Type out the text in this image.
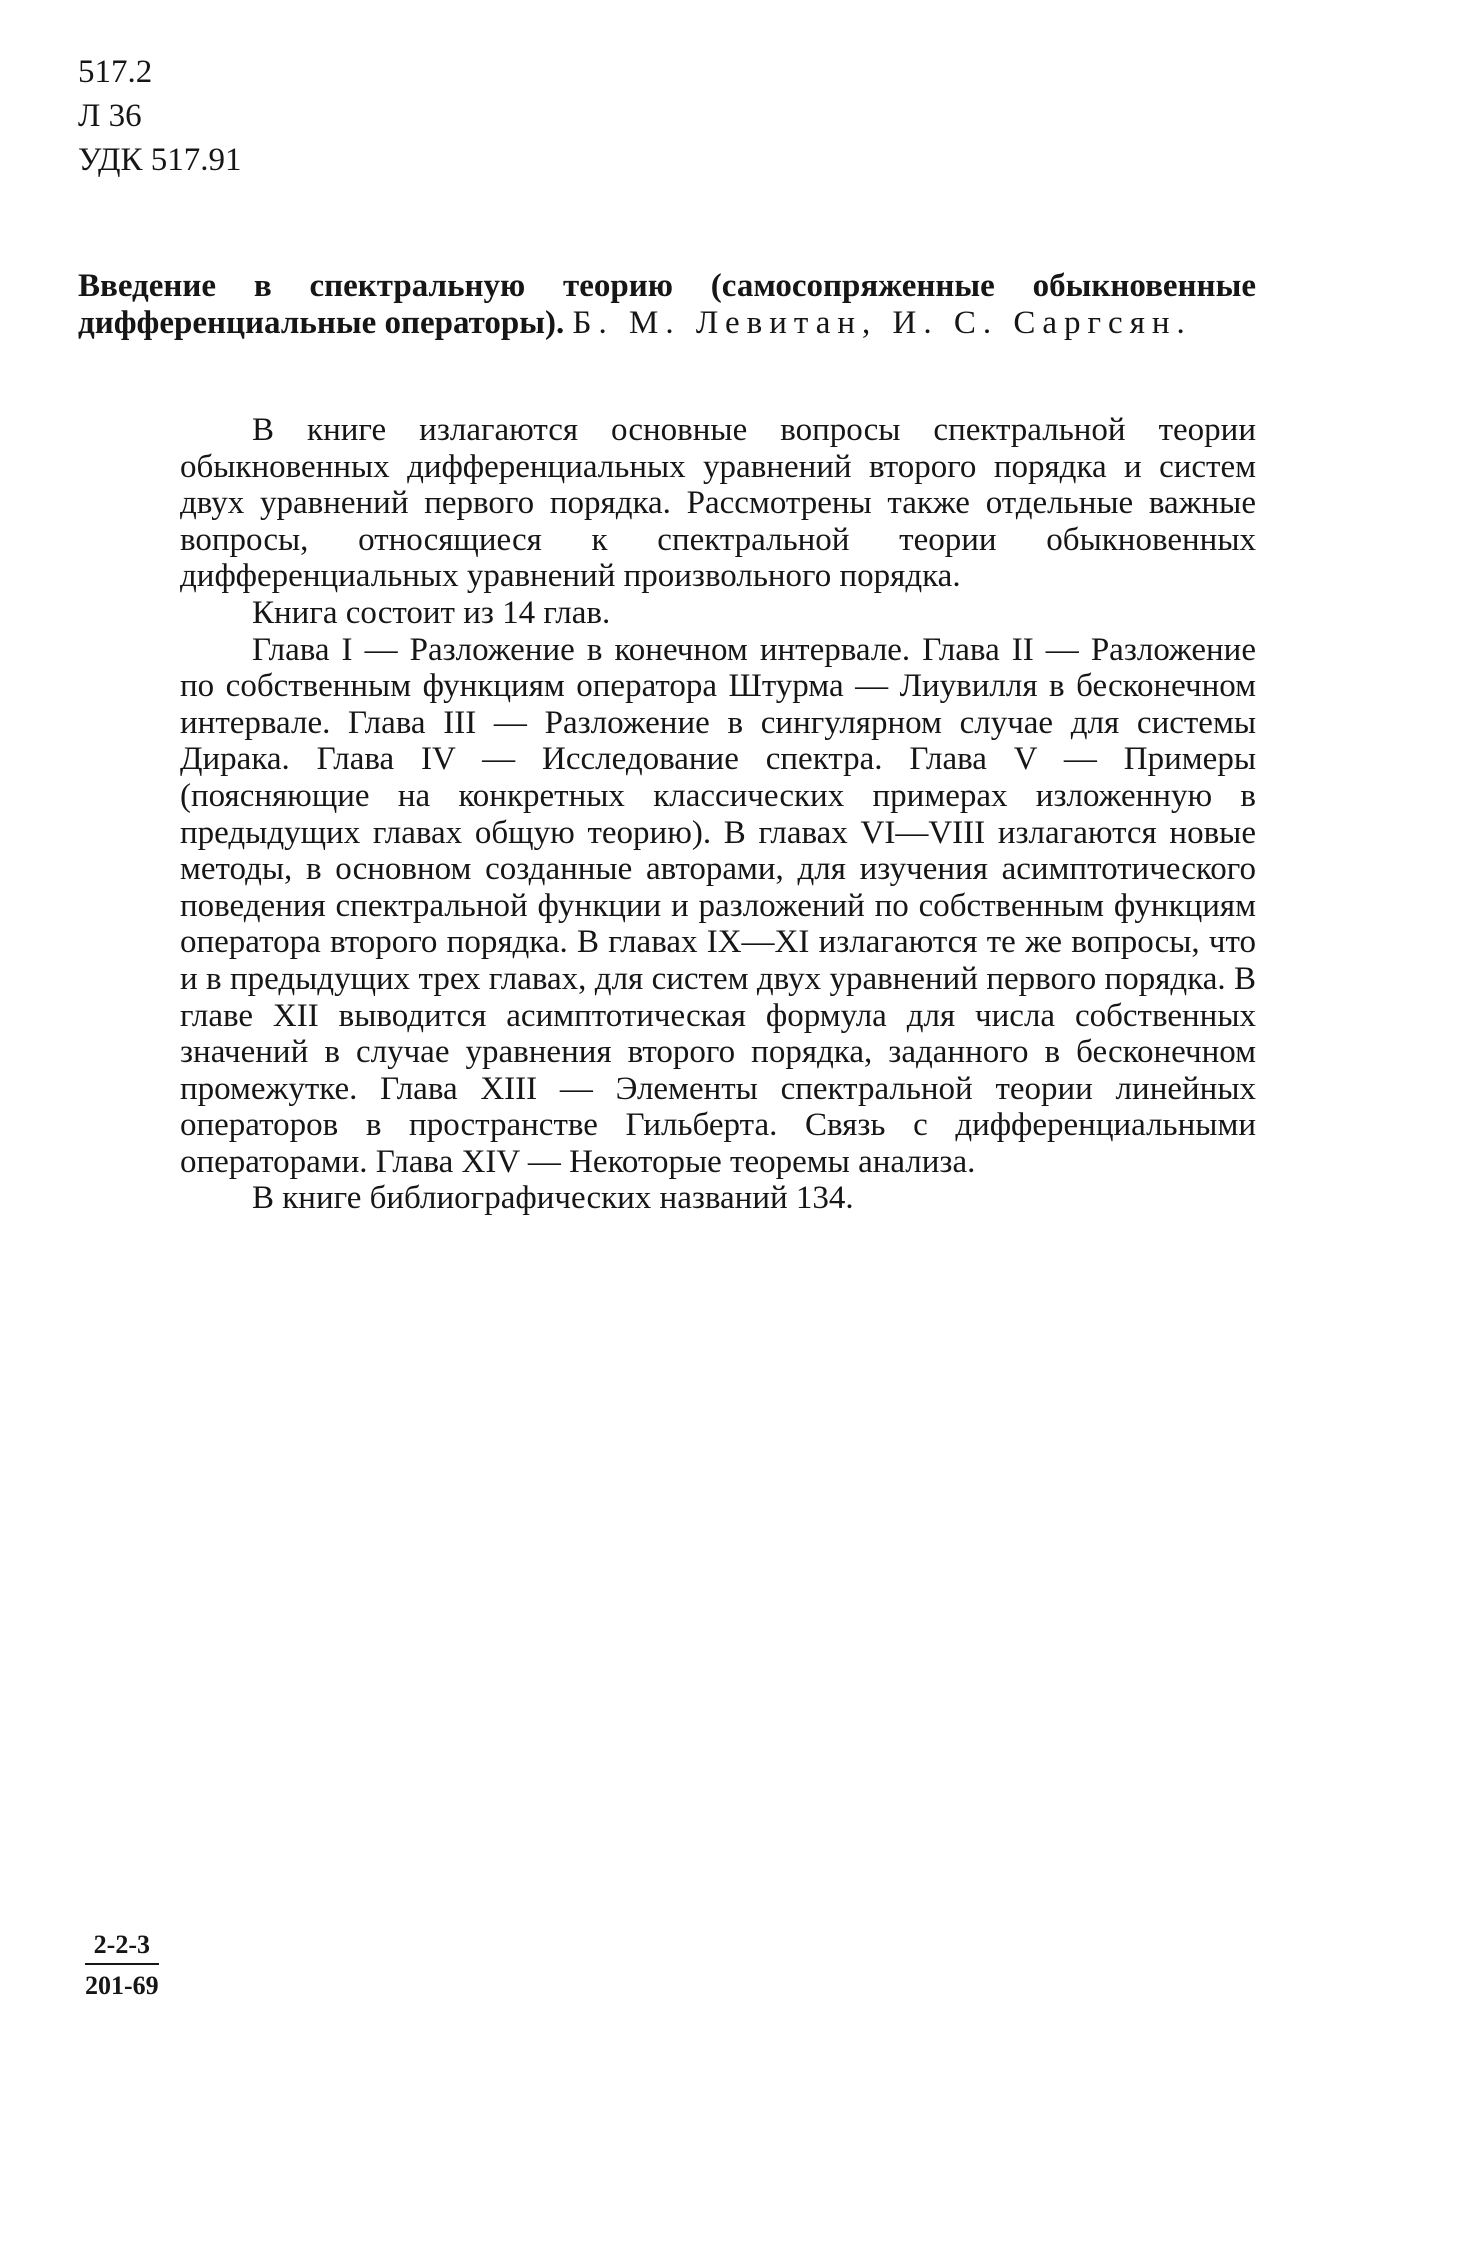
517.2
Л 36
УДК 517.91
Введение в спектральную теорию (самосопряженные обыкновенные дифференциальные операторы). Б. М. Левитан, И. С. Саргсян.

В книге излагаются основные вопросы спектральной теории обыкновенных дифференциальных уравнений второго порядка и систем двух уравнений первого порядка. Рассмотрены также отдельные важные вопросы, относящиеся к спектральной теории обыкновенных дифференциальных уравнений произвольного порядка.

Книга состоит из 14 глав.

Глава I — Разложение в конечном интервале. Глава II — Разложение по собственным функциям оператора Штурма — Лиувилля в бесконечном интервале. Глава III — Разложение в сингулярном случае для системы Дирака. Глава IV — Исследование спектра. Глава V — Примеры (поясняющие на конкретных классических примерах изложенную в предыдущих главах общую теорию). В главах VI—VIII излагаются новые методы, в основном созданные авторами, для изучения асимптотического поведения спектральной функции и разложений по собственным функциям оператора второго порядка. В главах IX—XI излагаются те же вопросы, что и в предыдущих трех главах, для систем двух уравнений первого порядка. В главе XII выводится асимптотическая формула для числа собственных значений в случае уравнения второго порядка, заданного в бесконечном промежутке. Глава XIII — Элементы спектральной теории линейных операторов в пространстве Гильберта. Связь с дифференциальными операторами. Глава XIV — Некоторые теоремы анализа.

В книге библиографических названий 134.

$\frac{2-2-3}{201-69}$
